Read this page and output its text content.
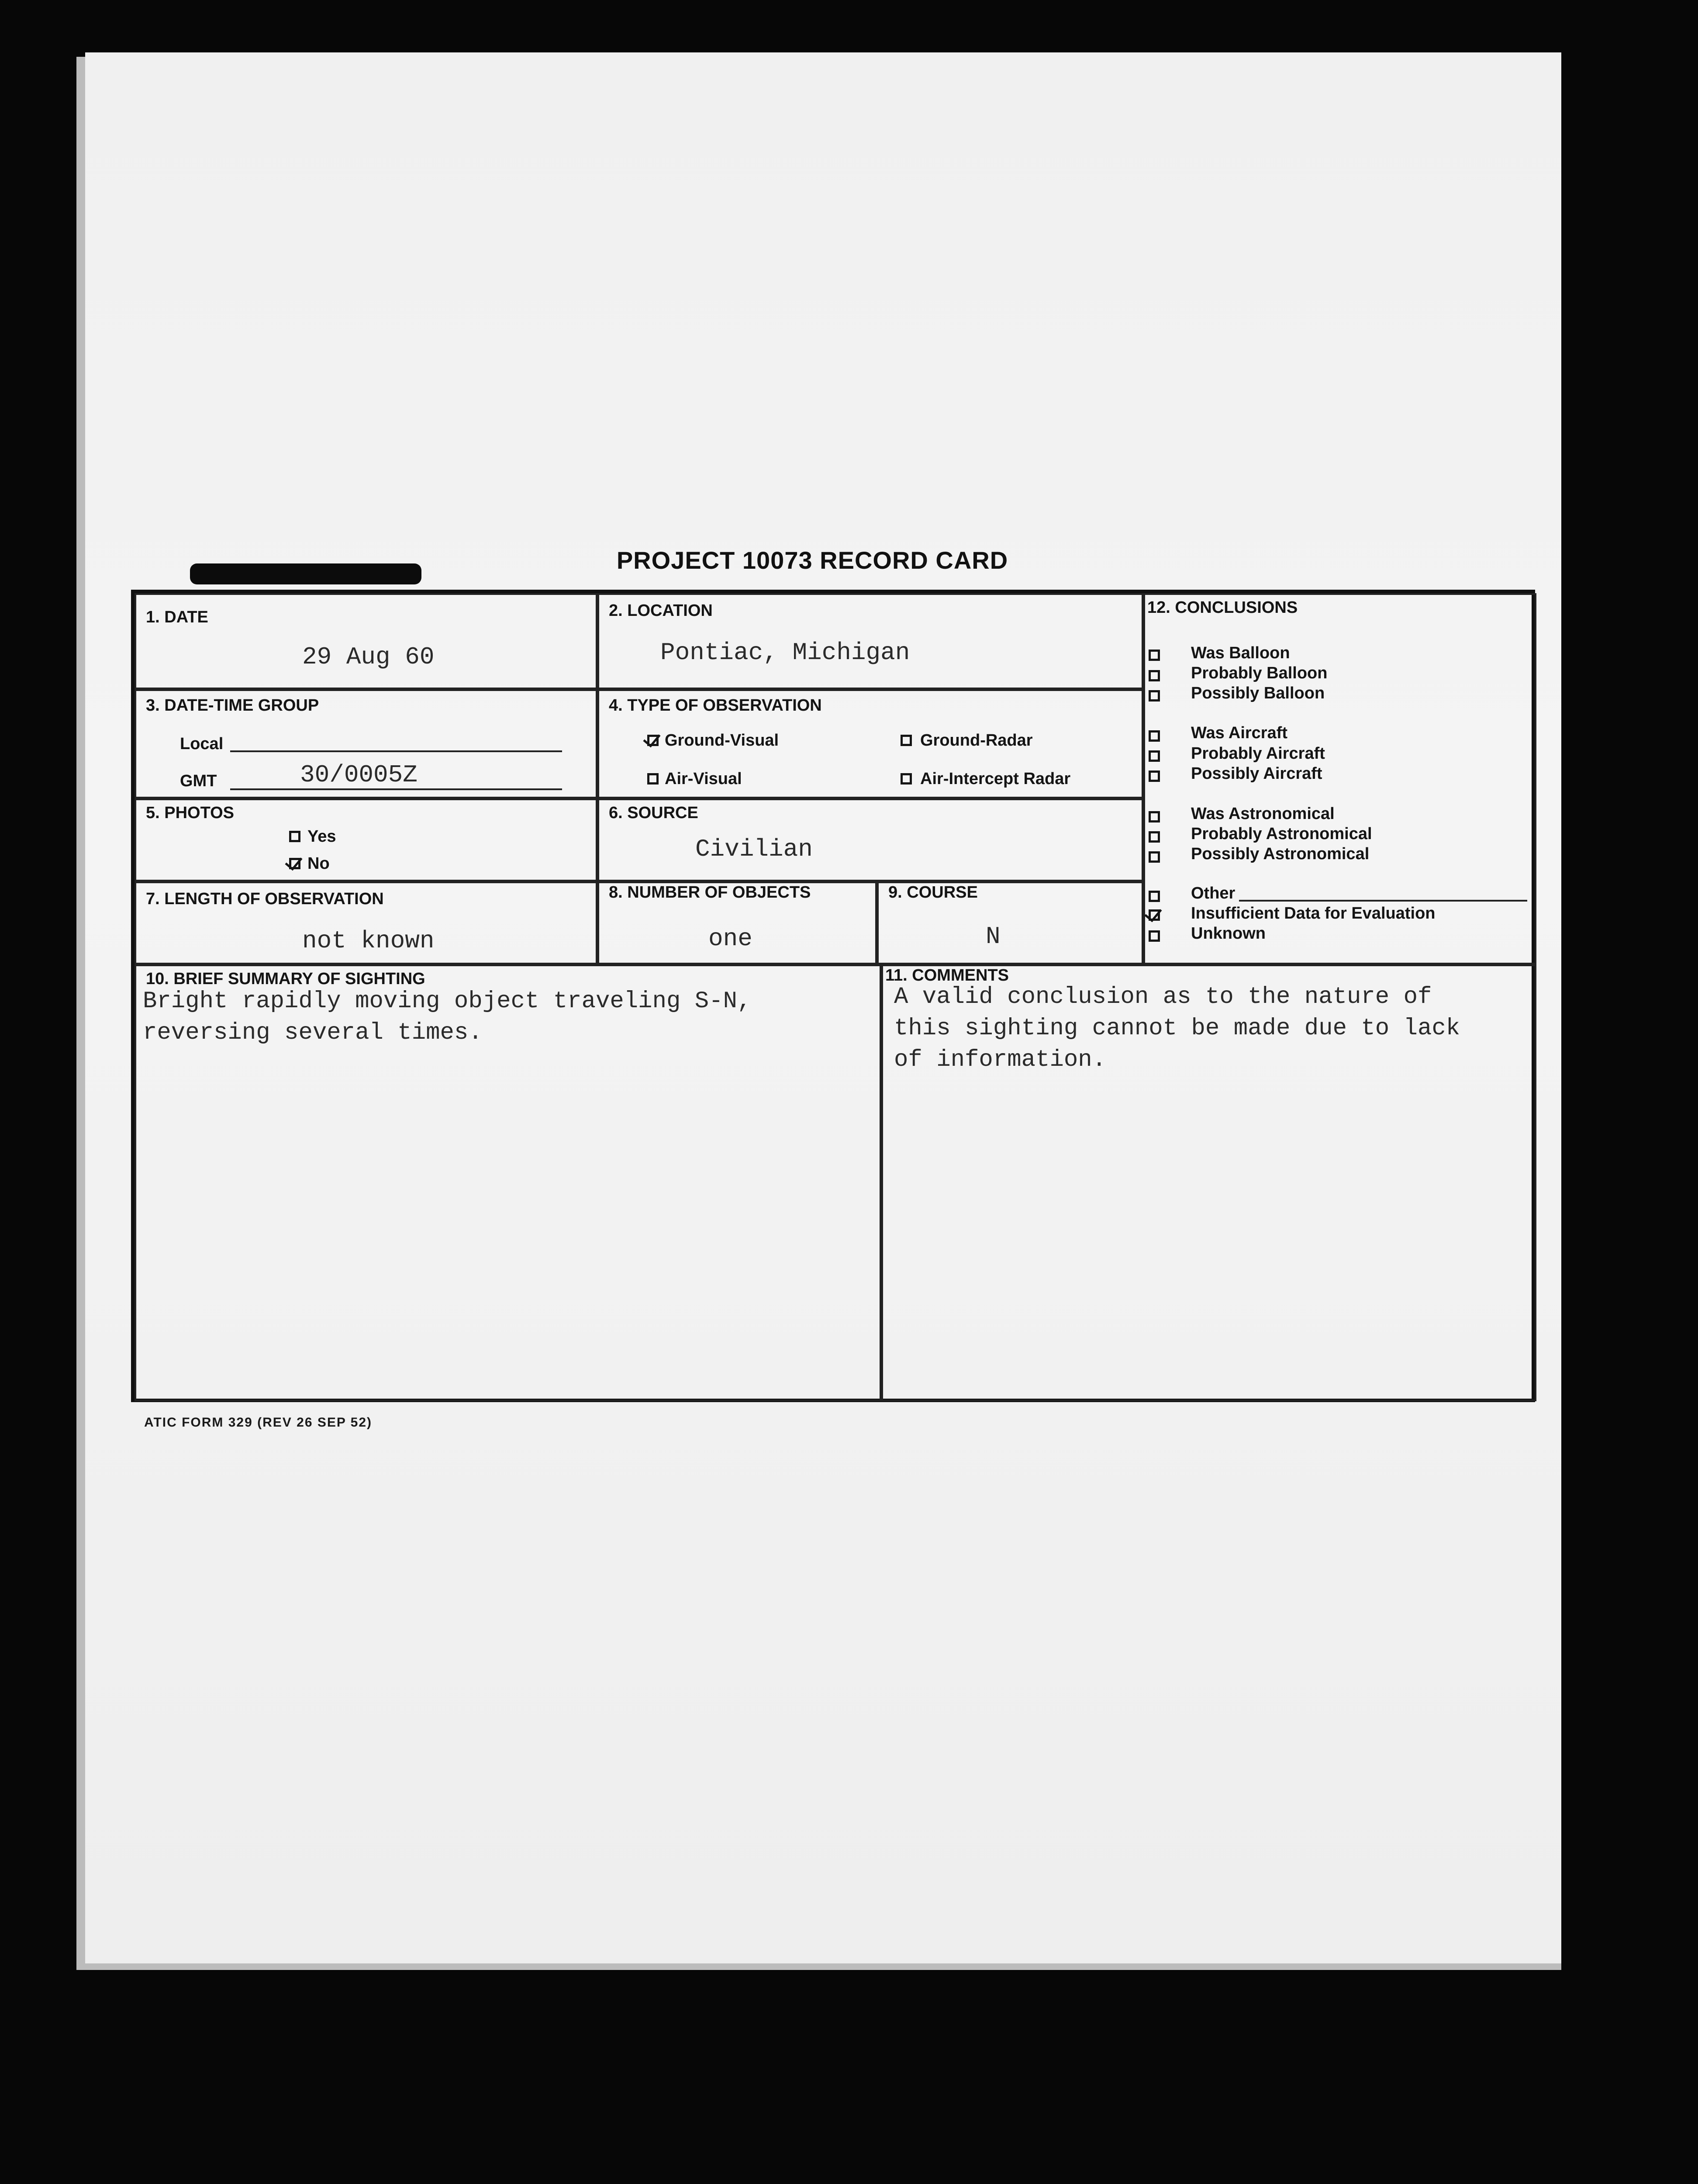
PROJECT 10073 RECORD CARD
1. DATE
29 Aug 60
2. LOCATION
Pontiac, Michigan
3. DATE-TIME GROUP
Local
GMT	30/0005Z
4. TYPE OF OBSERVATION
Ground-Visual	Ground-Radar
Air-Visual	Air-Intercept Radar
5. PHOTOS
Yes
No
6. SOURCE
Civilian
7. LENGTH OF OBSERVATION
not known
8. NUMBER OF OBJECTS
one
9. COURSE
N
12. CONCLUSIONS
Was Balloon
Probably Balloon
Possibly Balloon
Was Aircraft
Probably Aircraft
Possibly Aircraft
Was Astronomical
Probably Astronomical
Possibly Astronomical
Other
Insufficient Data for Evaluation
Unknown
10. BRIEF SUMMARY OF SIGHTING
Bright rapidly moving object traveling S-N,
reversing several times.
11. COMMENTS
A valid conclusion as to the nature of
this sighting cannot be made due to lack
of information.
ATIC FORM 329 (REV 26 SEP 52)
